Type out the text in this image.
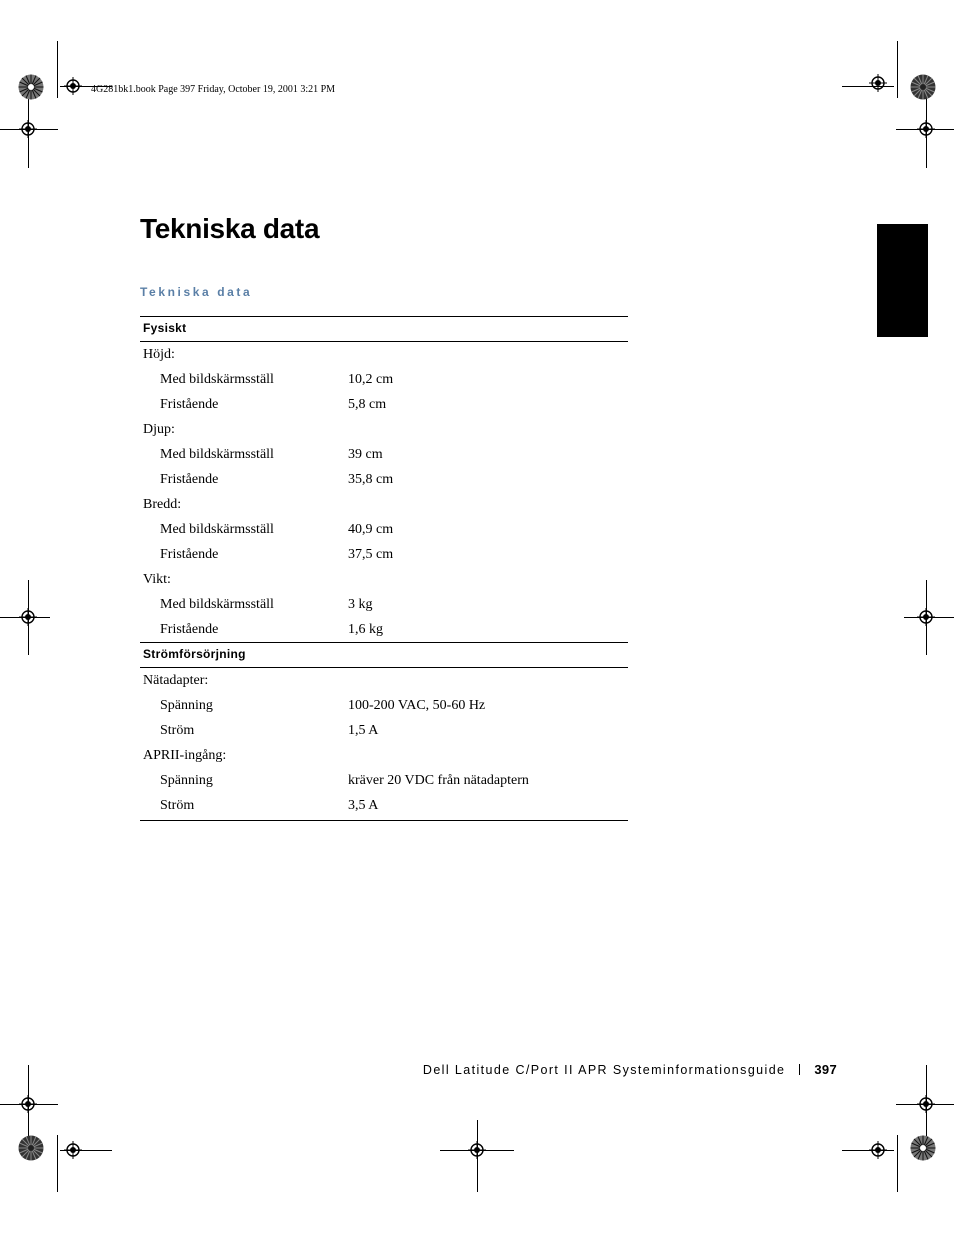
4G281bk1.book Page 397 Friday, October 19, 2001 3:21 PM
Tekniska data
Tekniska data
Fysiskt
Höjd:
Med bildskärmsställ	10,2 cm
Fristående	5,8 cm
Djup:
Med bildskärmsställ	39 cm
Fristående	35,8 cm
Bredd:
Med bildskärmsställ	40,9 cm
Fristående	37,5 cm
Vikt:
Med bildskärmsställ	3 kg
Fristående	1,6 kg
Strömförsörjning
Nätadapter:
Spänning	100-200 VAC, 50-60 Hz
Ström	1,5 A
APRII-ingång:
Spänning	kräver 20 VDC från nätadaptern
Ström	3,5 A
Dell Latitude C/Port II APR Systeminformationsguide 397
